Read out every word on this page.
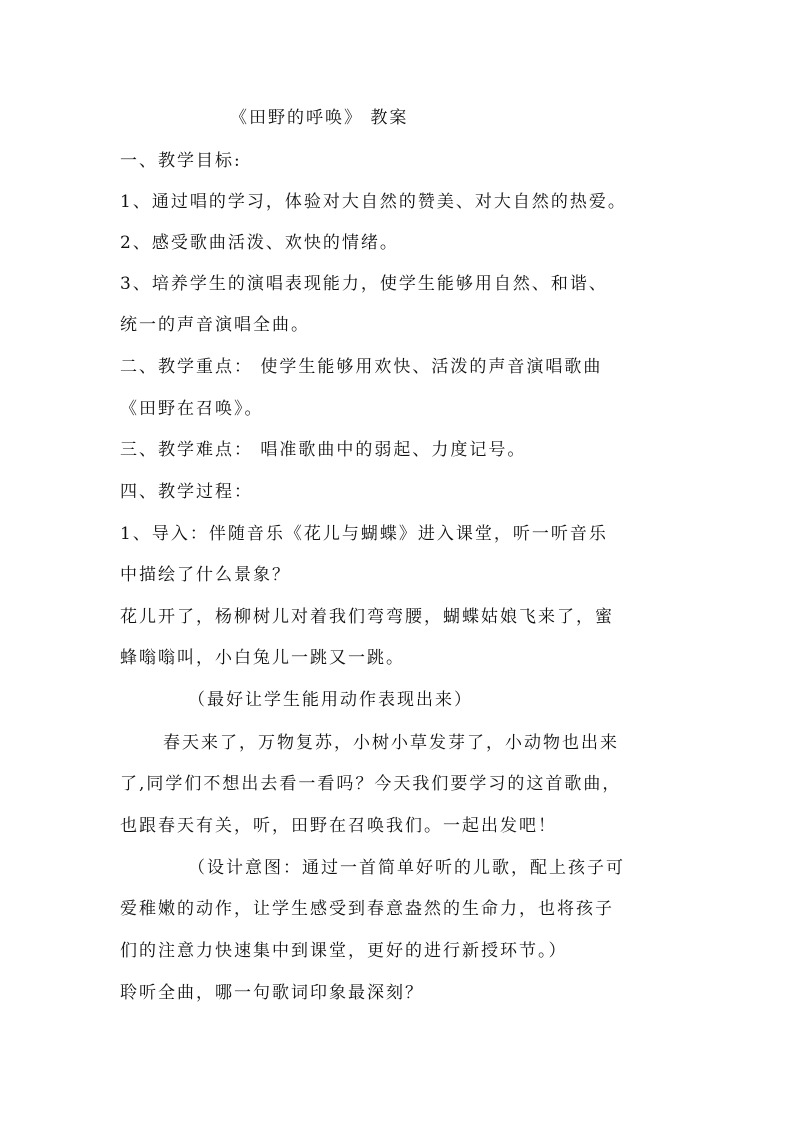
《田野的呼唤》 教案
一、教学目标:
1、通过唱的学习，体验对大自然的赞美、对大自然的热爱。
2、感受歌曲活泼、欢快的情绪。
3、培养学生的演唱表现能力，使学生能够用自然、和谐、
统一的声音演唱全曲。
二、教学重点： 使学生能够用欢快、活泼的声音演唱歌曲
《田野在召唤》。
三、教学难点： 唱准歌曲中的弱起、力度记号。
四、教学过程：
1、导入：伴随音乐《花儿与蝴蝶》进入课堂，听一听音乐
中描绘了什么景象？
花儿开了，杨柳树儿对着我们弯弯腰，蝴蝶姑娘飞来了，蜜
蜂嗡嗡叫，小白兔儿一跳又一跳。
（最好让学生能用动作表现出来）
春天来了，万物复苏，小树小草发芽了，小动物也出来
了,同学们不想出去看一看吗？今天我们要学习的这首歌曲，
也跟春天有关，听，田野在召唤我们。一起出发吧！
（设计意图：通过一首简单好听的儿歌，配上孩子可
爱稚嫩的动作，让学生感受到春意盎然的生命力，也将孩子
们的注意力快速集中到课堂，更好的进行新授环节。）
聆听全曲，哪一句歌词印象最深刻？
